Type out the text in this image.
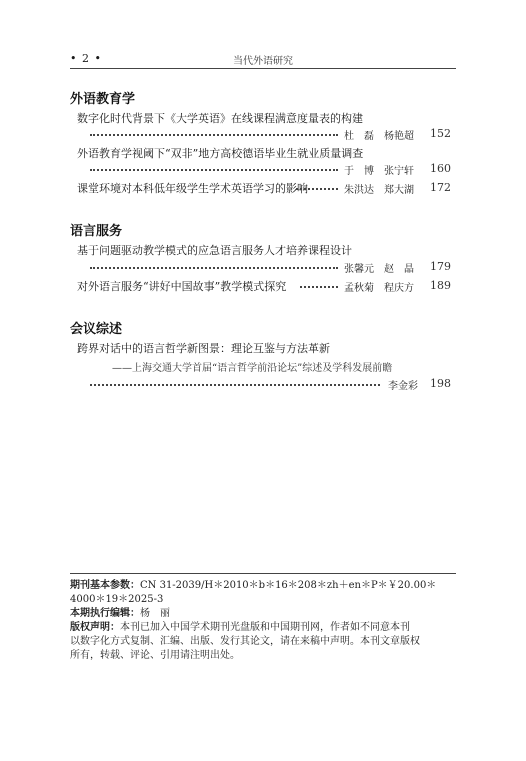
• 2 •	当代外语研究
外语教育学
数字化时代背景下《大学英语》在线课程满意度量表的构建
杜　磊　杨艳超	152
外语教育学视阈下“双非”地方高校德语毕业生就业质量调查
于　博　张宁轩	160
课堂环境对本科低年级学生学术英语学习的影响	朱洪达　郑大湖	172
语言服务
基于问题驱动教学模式的应急语言服务人才培养课程设计
张馨元　赵　晶	179
对外语言服务“讲好中国故事”教学模式探究	孟秋菊　程庆方	189
会议综述
跨界对话中的语言哲学新图景：理论互鉴与方法革新
——上海交通大学首届“语言哲学前沿论坛”综述及学科发展前瞻
李金彩	198
期刊基本参数：CN 31-2039/H＊2010＊b＊16＊208＊zh＋en＊P＊￥20.00＊
4000＊19＊2025-3
本期执行编辑：杨　丽
版权声明：本刊已加入中国学术期刊光盘版和中国期刊网，作者如不同意本刊
以数字化方式复制、汇编、出版、发行其论文，请在来稿中声明。本刊文章版权
所有，转载、评论、引用请注明出处。
